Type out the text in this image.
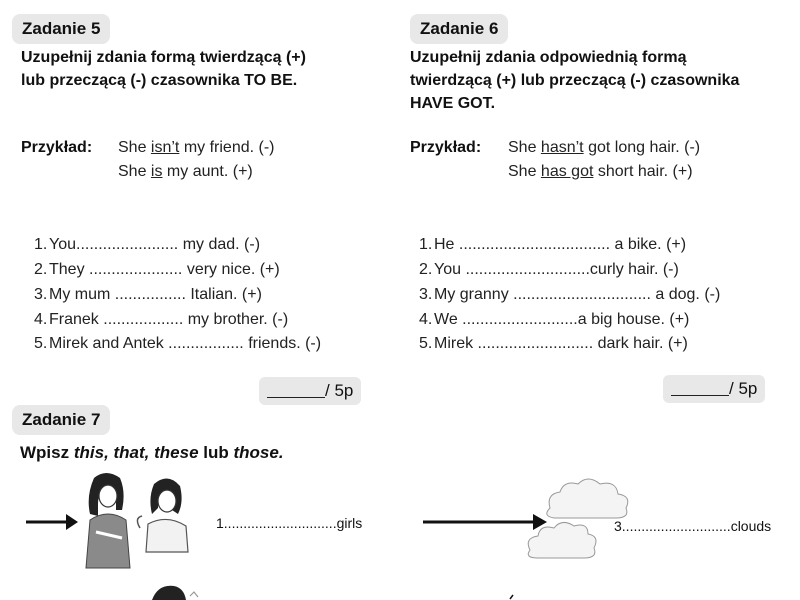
Zadanie 5
Uzupełnij zdania formą twierdzącą (+)
lub przeczącą (-) czasownika TO BE.
Przykład: She isn’t my friend. (-)
She is my aunt. (+)
1. You....................... my dad. (-)
2. They ..................... very nice. (+)
3. My mum ................ Italian. (+)
4. Franek .................. my brother. (-)
5. Mirek and Antek ................. friends. (-)
/ 5p
Zadanie 6
Uzupełnij zdania odpowiednią formą
twierdzącą (+) lub przeczącą (-) czasownika
HAVE GOT.
Przykład: She hasn’t got long hair. (-)
She has got short hair. (+)
1. He .................................. a bike. (+)
2. You ............................curly hair. (-)
3. My granny ............................... a dog. (-)
4. We ..........................a big house. (+)
5. Mirek .......................... dark hair. (+)
/ 5p
Zadanie 7
Wpisz this, that, these lub those.
1.............................girls	3............................clouds
